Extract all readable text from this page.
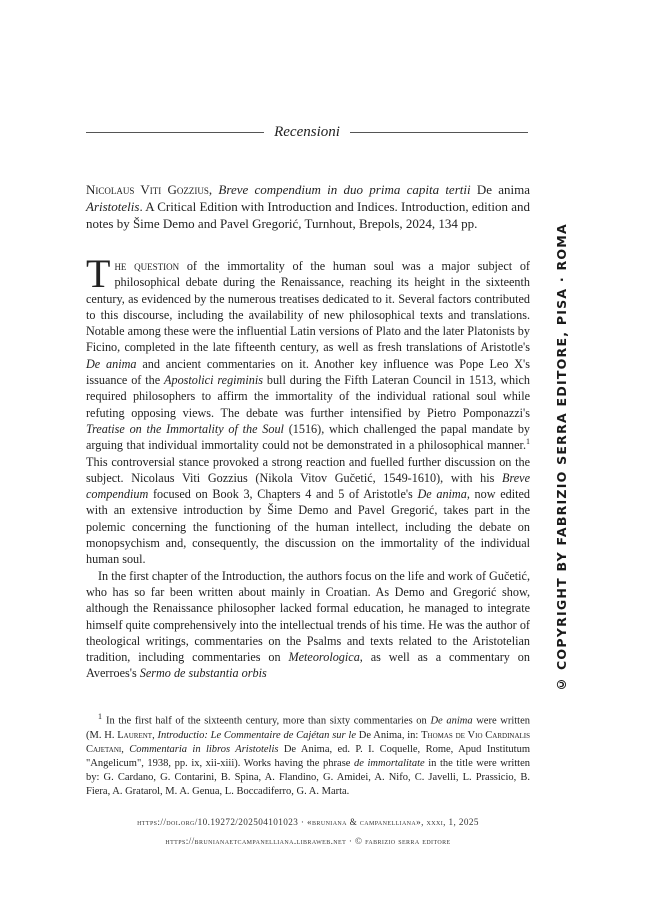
Recensioni
Nicolaus Viti Gozzius, Breve compendium in duo prima capita tertii De anima Aristotelis. A Critical Edition with Introduction and Indices. Introduction, edition and notes by Šime Demo and Pavel Gregorić, Turnhout, Brepols, 2024, 134 pp.

The question of the immortality of the human soul was a major subject of philosophical debate during the Renaissance, reaching its height in the sixteenth century, as evidenced by the numerous treatises dedicated to it. Several factors contributed to this discourse, including the availability of new philosophical texts and translations. Notable among these were the influential Latin versions of Plato and the later Platonists by Ficino, completed in the late fifteenth century, as well as fresh translations of Aristotle's De anima and ancient commentaries on it. Another key influence was Pope Leo X's issuance of the Apostolici regiminis bull during the Fifth Lateran Council in 1513, which required philosophers to affirm the immortality of the individual rational soul while refuting opposing views. The debate was further intensified by Pietro Pomponazzi's Treatise on the Immortality of the Soul (1516), which challenged the papal mandate by arguing that individual immortality could not be demonstrated in a philosophical manner.$^1$ This controversial stance provoked a strong reaction and fuelled further discussion on the subject. Nicolaus Viti Gozzius (Nikola Vitov Gučetić, 1549-1610), with his Breve compendium focused on Book 3, Chapters 4 and 5 of Aristotle's De anima, now edited with an extensive introduction by Šime Demo and Pavel Gregorić, takes part in the polemic concerning the functioning of the human intellect, including the debate on monopsychism and, consequently, the discussion on the immortality of the individual human soul.

In the first chapter of the Introduction, the authors focus on the life and work of Gučetić, who has so far been written about mainly in Croatian. As Demo and Gregorić show, although the Renaissance philosopher lacked formal education, he managed to integrate himself quite comprehensively into the intellectual trends of his time. He was the author of theological writings, commentaries on the Psalms and texts related to the Aristotelian tradition, including commentaries on Meteorologica, as well as a commentary on Averroes's Sermo de substantia orbis

$^1$ In the first half of the sixteenth century, more than sixty commentaries on De anima were written (M. H. Laurent, Introductio: Le Commentaire de Cajétan sur le De Anima, in: Thomas de Vio Cardinalis Cajetani, Commentaria in libros Aristotelis De Anima, ed. P. I. Coquelle, Rome, Apud Institutum "Angelicum", 1938, pp. ix, xii-xiii). Works having the phrase de immortalitate in the title were written by: G. Cardano, G. Contarini, B. Spina, A. Flandino, G. Amidei, A. Nifo, C. Javelli, L. Prassicio, B. Fiera, A. Gratarol, M. A. Genua, L. Boccadiferro, G. A. Marta.
https://doi.org/10.19272/202504101023 · «bruniana & campanelliana», xxxi, 1, 2025
https://brunianaetcampanelliana.libraweb.net · © fabrizio serra editore
© COPYRIGHT BY FABRIZIO SERRA EDITORE, PISA · ROMA
